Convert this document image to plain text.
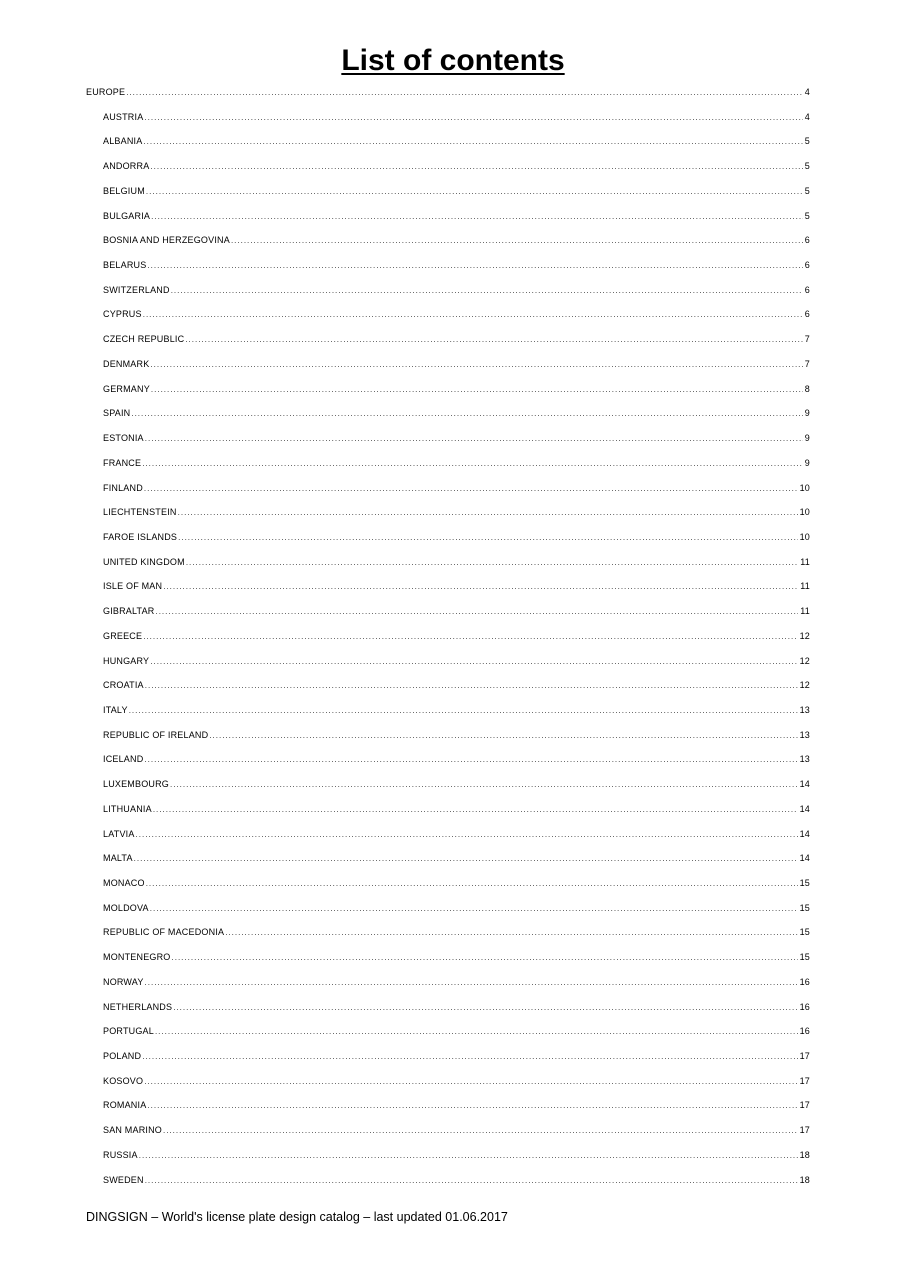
List of contents
EUROPE .....	4
AUSTRIA .....	4
ALBANIA .....	5
ANDORRA .....	5
BELGIUM .....	5
BULGARIA .....	5
BOSNIA AND HERZEGOVINA .....	6
BELARUS .....	6
SWITZERLAND .....	6
CYPRUS .....	6
CZECH REPUBLIC .....	7
DENMARK .....	7
GERMANY .....	8
SPAIN .....	9
ESTONIA .....	9
FRANCE .....	9
FINLAND .....	10
LIECHTENSTEIN .....	10
FAROE ISLANDS .....	10
UNITED KINGDOM .....	11
ISLE OF MAN .....	11
GIBRALTAR .....	11
GREECE .....	12
HUNGARY .....	12
CROATIA .....	12
ITALY .....	13
REPUBLIC OF IRELAND .....	13
ICELAND .....	13
LUXEMBOURG .....	14
LITHUANIA .....	14
LATVIA .....	14
MALTA .....	14
MONACO .....	15
MOLDOVA .....	15
REPUBLIC OF MACEDONIA .....	15
MONTENEGRO .....	15
NORWAY .....	16
NETHERLANDS .....	16
PORTUGAL .....	16
POLAND .....	17
KOSOVO .....	17
ROMANIA .....	17
SAN MARINO .....	17
RUSSIA .....	18
SWEDEN .....	18
DINGSIGN – World's license plate design catalog – last updated 01.06.2017
